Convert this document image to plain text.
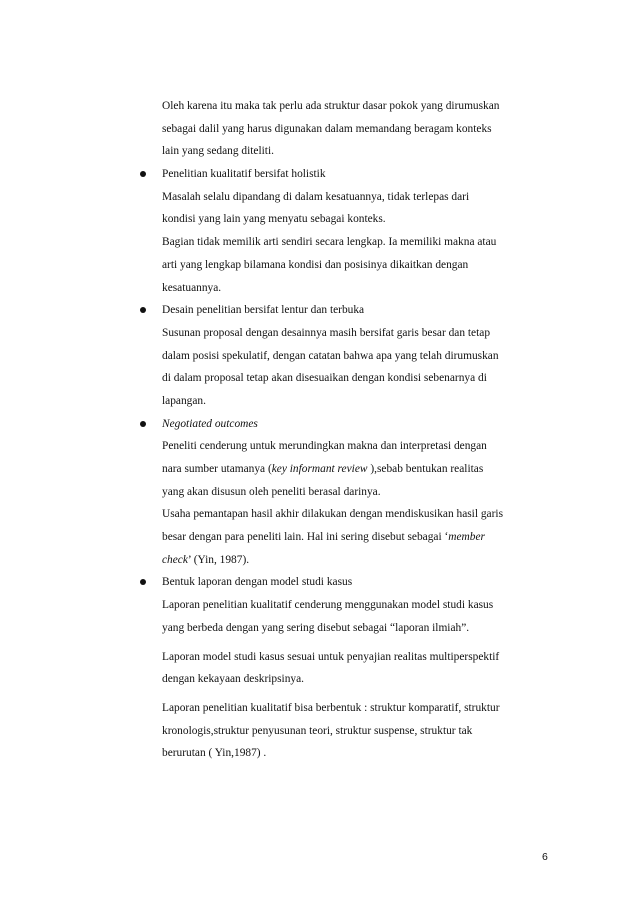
Oleh karena itu maka tak perlu ada struktur dasar pokok yang dirumuskan
sebagai dalil yang harus digunakan dalam memandang beragam konteks
lain yang sedang diteliti.
Penelitian kualitatif bersifat holistik
Masalah selalu dipandang di dalam kesatuannya, tidak terlepas dari
kondisi yang lain yang menyatu sebagai konteks.
Bagian tidak memilik arti sendiri secara lengkap. Ia memiliki makna atau
arti yang lengkap bilamana kondisi dan posisinya dikaitkan dengan
kesatuannya.
Desain penelitian bersifat lentur dan terbuka
Susunan proposal dengan desainnya masih bersifat garis besar dan tetap
dalam posisi spekulatif, dengan catatan bahwa apa yang telah dirumuskan
di dalam proposal tetap akan disesuaikan dengan kondisi sebenarnya di
lapangan.
Negotiated outcomes
Peneliti cenderung untuk merundingkan makna dan interpretasi dengan
nara sumber utamanya (key informant review ),sebab bentukan realitas
yang akan disusun oleh peneliti berasal darinya.
Usaha pemantapan hasil akhir dilakukan dengan mendiskusikan hasil garis
besar dengan para peneliti lain. Hal ini sering disebut sebagai ‘member
check’ (Yin, 1987).
Bentuk laporan dengan model studi kasus
Laporan penelitian kualitatif cenderung menggunakan model studi kasus
yang berbeda dengan yang sering disebut sebagai “laporan ilmiah”.
Laporan model studi kasus sesuai untuk penyajian realitas multiperspektif
dengan kekayaan deskripsinya.
Laporan penelitian kualitatif bisa berbentuk : struktur komparatif, struktur
kronologis,struktur penyusunan teori, struktur suspense, struktur tak
berurutan ( Yin,1987) .
6
